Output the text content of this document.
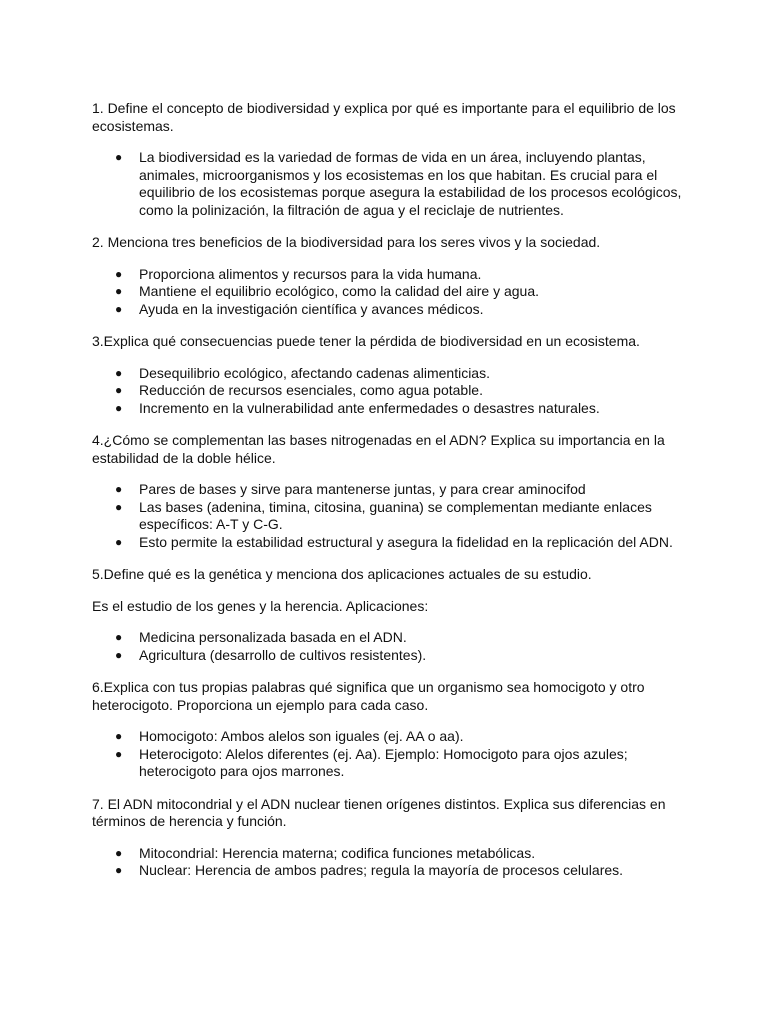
1. Define el concepto de biodiversidad y explica por qué es importante para el equilibrio de los ecosistemas.

● La biodiversidad es la variedad de formas de vida en un área, incluyendo plantas, animales, microorganismos y los ecosistemas en los que habitan. Es crucial para el equilibrio de los ecosistemas porque asegura la estabilidad de los procesos ecológicos, como la polinización, la filtración de agua y el reciclaje de nutrientes.

2. Menciona tres beneficios de la biodiversidad para los seres vivos y la sociedad.

● Proporciona alimentos y recursos para la vida humana.
● Mantiene el equilibrio ecológico, como la calidad del aire y agua.
● Ayuda en la investigación científica y avances médicos.

3.Explica qué consecuencias puede tener la pérdida de biodiversidad en un ecosistema.

● Desequilibrio ecológico, afectando cadenas alimenticias.
● Reducción de recursos esenciales, como agua potable.
● Incremento en la vulnerabilidad ante enfermedades o desastres naturales.

4.¿Cómo se complementan las bases nitrogenadas en el ADN? Explica su importancia en la estabilidad de la doble hélice.

● Pares de bases y sirve para mantenerse juntas, y para crear aminocifod
● Las bases (adenina, timina, citosina, guanina) se complementan mediante enlaces específicos: A-T y C-G.
● Esto permite la estabilidad estructural y asegura la fidelidad en la replicación del ADN.

5.Define qué es la genética y menciona dos aplicaciones actuales de su estudio.

Es el estudio de los genes y la herencia. Aplicaciones:

● Medicina personalizada basada en el ADN.
● Agricultura (desarrollo de cultivos resistentes).

6.Explica con tus propias palabras qué significa que un organismo sea homocigoto y otro heterocigoto. Proporciona un ejemplo para cada caso.

● Homocigoto: Ambos alelos son iguales (ej. AA o aa).
● Heterocigoto: Alelos diferentes (ej. Aa). Ejemplo: Homocigoto para ojos azules; heterocigoto para ojos marrones.

7. El ADN mitocondrial y el ADN nuclear tienen orígenes distintos. Explica sus diferencias en términos de herencia y función.

● Mitocondrial: Herencia materna; codifica funciones metabólicas.
● Nuclear: Herencia de ambos padres; regula la mayoría de procesos celulares.
